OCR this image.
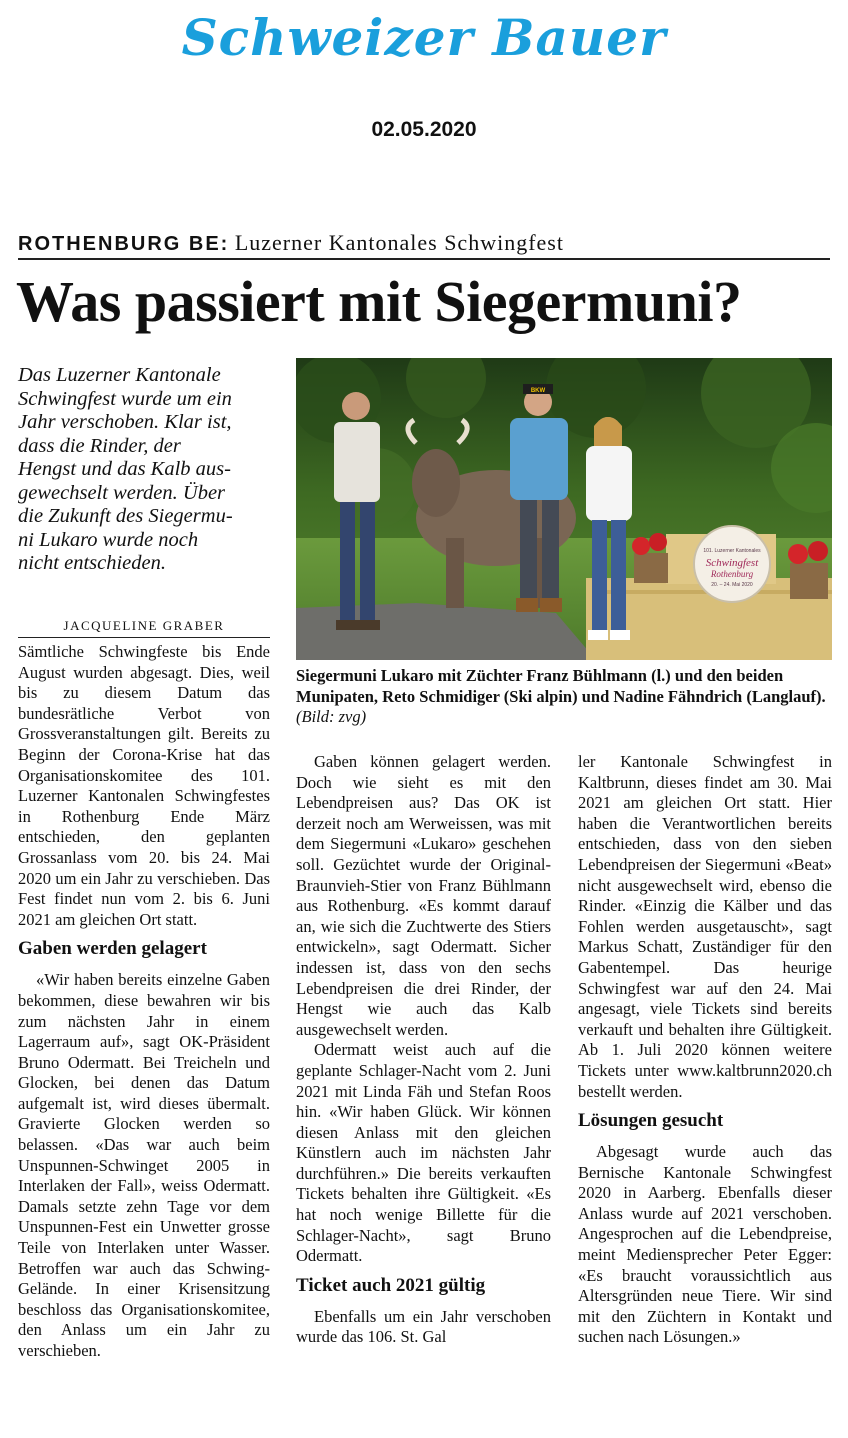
Schweizer Bauer
02.05.2020
ROTHENBURG BE: Luzerner Kantonales Schwingfest
Was passiert mit Siegermuni?
Das Luzerner Kantonale
Schwingfest wurde um ein
Jahr verschoben. Klar ist,
dass die Rinder, der
Hengst und das Kalb aus-
gewechselt werden. Über
die Zukunft des Siegermu-
ni Lukaro wurde noch
nicht entschieden.
JACQUELINE GRABER
101. Luzerner Kantonales
Schwingfest
Rothenburg
20. – 24. Mai 2020
BKW

Siegermuni Lukaro mit Züchter Franz Bühlmann (l.) und den beiden Munipaten, Reto Schmidiger (Ski alpin) und Nadine Fähndrich (Langlauf). (Bild: zvg)

Sämtliche Schwingfeste bis Ende August wurden abgesagt. Dies, weil bis zu diesem Datum das bundesrätliche Verbot von Grossveranstaltungen gilt. Bereits zu Beginn der Corona-Krise hat das Organisationskomitee des 101. Luzerner Kantonalen Schwingfestes in Rothenburg Ende März entschieden, den geplanten Grossanlass vom 20. bis 24. Mai 2020 um ein Jahr zu verschieben. Das Fest findet nun vom 2. bis 6. Juni 2021 am gleichen Ort statt.

Gaben werden gelagert

«Wir haben bereits einzelne Gaben bekommen, diese bewahren wir bis zum nächsten Jahr in einem Lagerraum auf», sagt OK-Präsident Bruno Odermatt. Bei Treicheln und Glocken, bei denen das Datum aufgemalt ist, wird dieses übermalt. Gravierte Glocken werden so belassen. «Das war auch beim Unspunnen-Schwinget 2005 in Interlaken der Fall», weiss Odermatt. Damals setzte zehn Tage vor dem Unspunnen-Fest ein Unwetter grosse Teile von Interlaken unter Wasser. Betroffen war auch das Schwing-Gelände. In einer Krisensitzung beschloss das Organisationskomitee, den Anlass um ein Jahr zu verschieben.

Gaben können gelagert werden. Doch wie sieht es mit den Lebendpreisen aus? Das OK ist derzeit noch am Werweissen, was mit dem Siegermuni «Lukaro» geschehen soll. Gezüchtet wurde der Original-Braunvieh-Stier von Franz Bühlmann aus Rothenburg. «Es kommt darauf an, wie sich die Zuchtwerte des Stiers entwickeln», sagt Odermatt. Sicher indessen ist, dass von den sechs Lebendpreisen die drei Rinder, der Hengst wie auch das Kalb ausgewechselt werden.

Odermatt weist auch auf die geplante Schlager-Nacht vom 2. Juni 2021 mit Linda Fäh und Stefan Roos hin. «Wir haben Glück. Wir können diesen Anlass mit den gleichen Künstlern auch im nächsten Jahr durchführen.» Die bereits verkauften Tickets behalten ihre Gültigkeit. «Es hat noch wenige Billette für die Schlager-Nacht», sagt Bruno Odermatt.

Ticket auch 2021 gültig

Ebenfalls um ein Jahr verschoben wurde das 106. St. Gal

ler Kantonale Schwingfest in Kaltbrunn, dieses findet am 30. Mai 2021 am gleichen Ort statt. Hier haben die Verantwortlichen bereits entschieden, dass von den sieben Lebendpreisen der Siegermuni «Beat» nicht ausgewechselt wird, ebenso die Rinder. «Einzig die Kälber und das Fohlen werden ausgetauscht», sagt Markus Schatt, Zuständiger für den Gabentempel. Das heurige Schwingfest war auf den 24. Mai angesagt, viele Tickets sind bereits verkauft und behalten ihre Gültigkeit. Ab 1. Juli 2020 können weitere Tickets unter www.kaltbrunn2020.ch bestellt werden.

Lösungen gesucht

Abgesagt wurde auch das Bernische Kantonale Schwingfest 2020 in Aarberg. Ebenfalls dieser Anlass wurde auf 2021 verschoben. Angesprochen auf die Lebendpreise, meint Mediensprecher Peter Egger: «Es braucht voraussichtlich aus Altersgründen neue Tiere. Wir sind mit den Züchtern in Kontakt und suchen nach Lösungen.»
